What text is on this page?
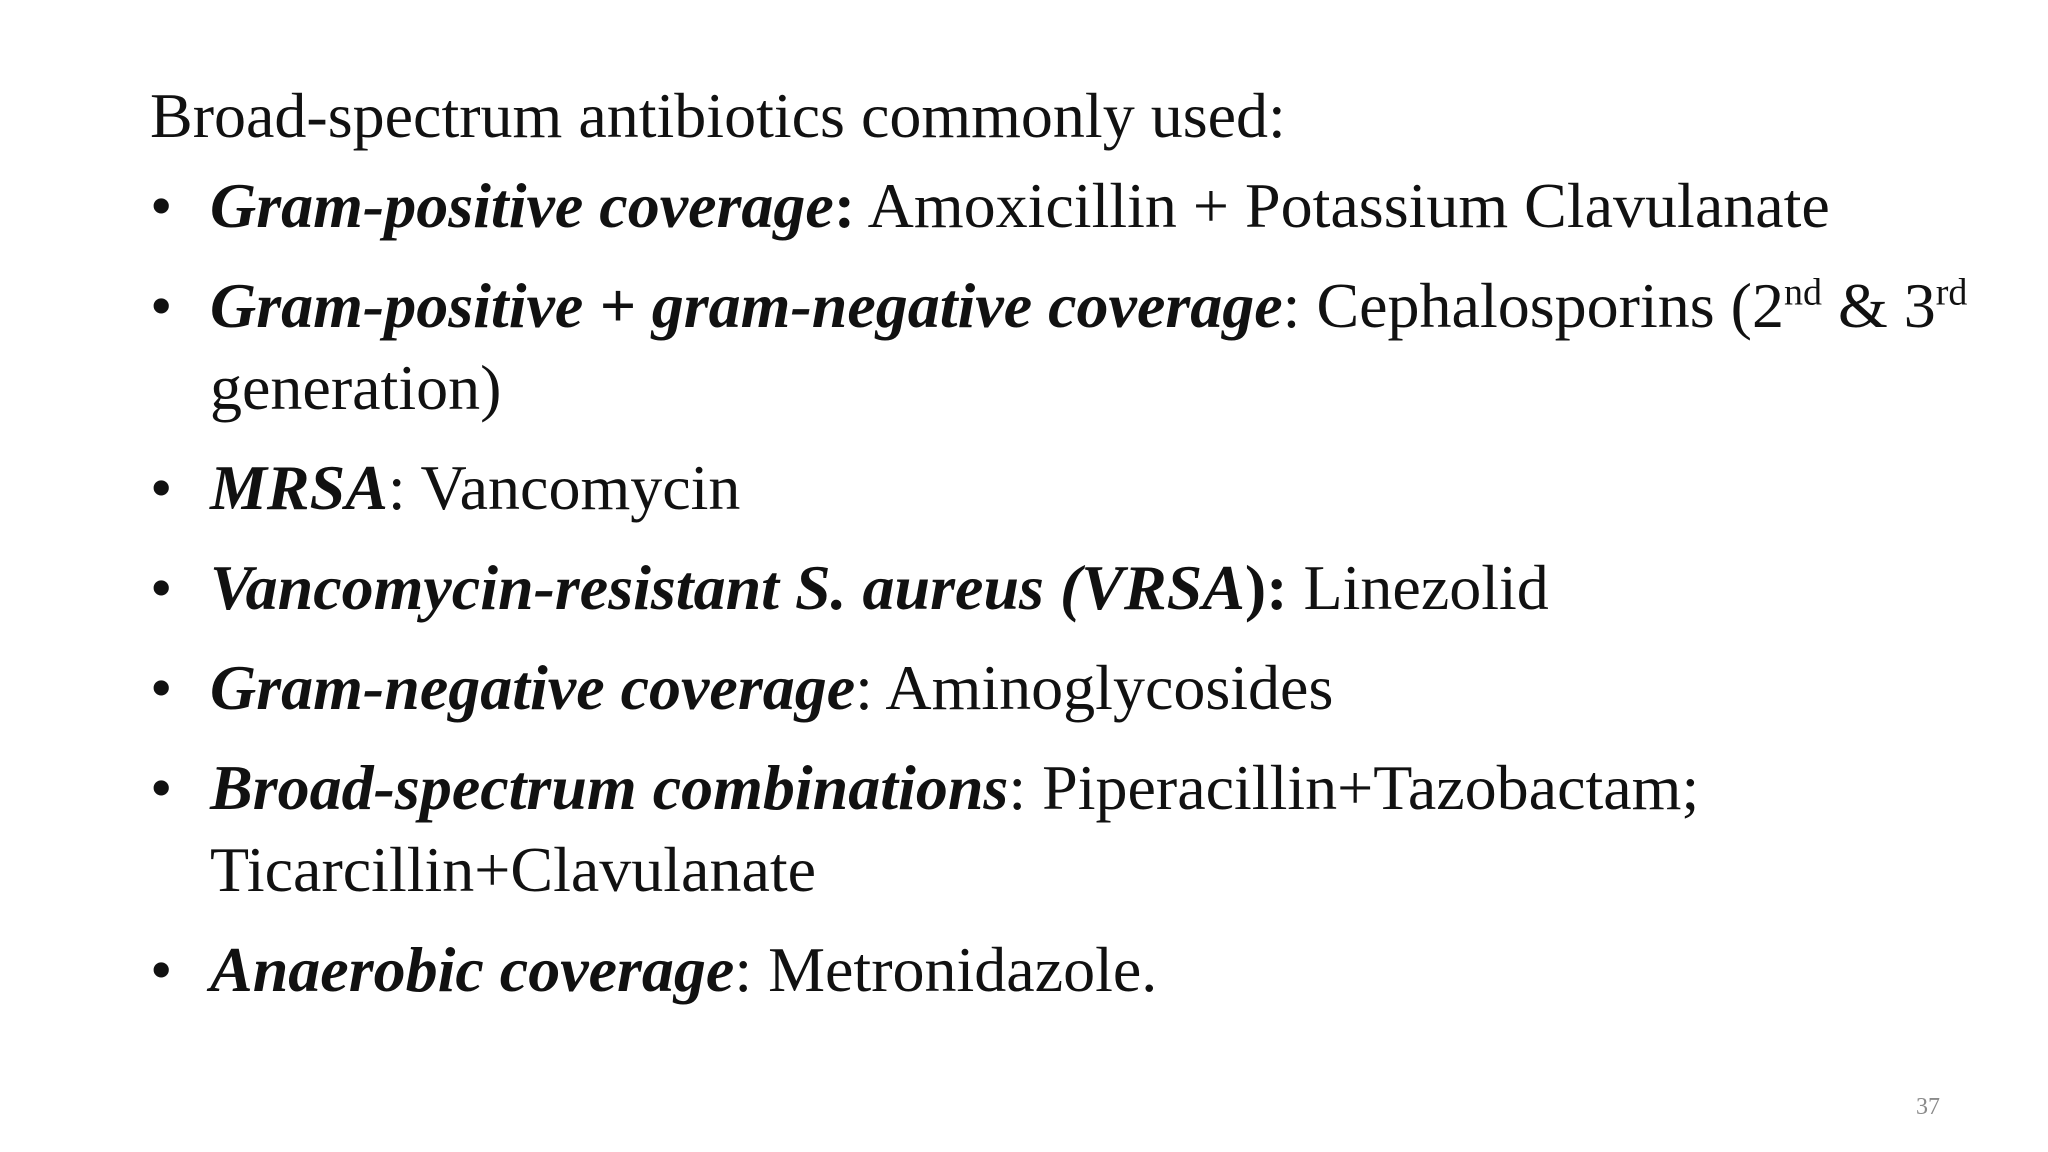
Broad-spectrum antibiotics commonly used:
• Gram-positive coverage: Amoxicillin + Potassium Clavulanate
• Gram-positive + gram-negative coverage: Cephalosporins (2nd & 3rd generation)
• MRSA: Vancomycin
• Vancomycin-resistant S. aureus (VRSA): Linezolid
• Gram-negative coverage: Aminoglycosides
• Broad-spectrum combinations: Piperacillin+Tazobactam; Ticarcillin+Clavulanate
• Anaerobic coverage: Metronidazole.
37
